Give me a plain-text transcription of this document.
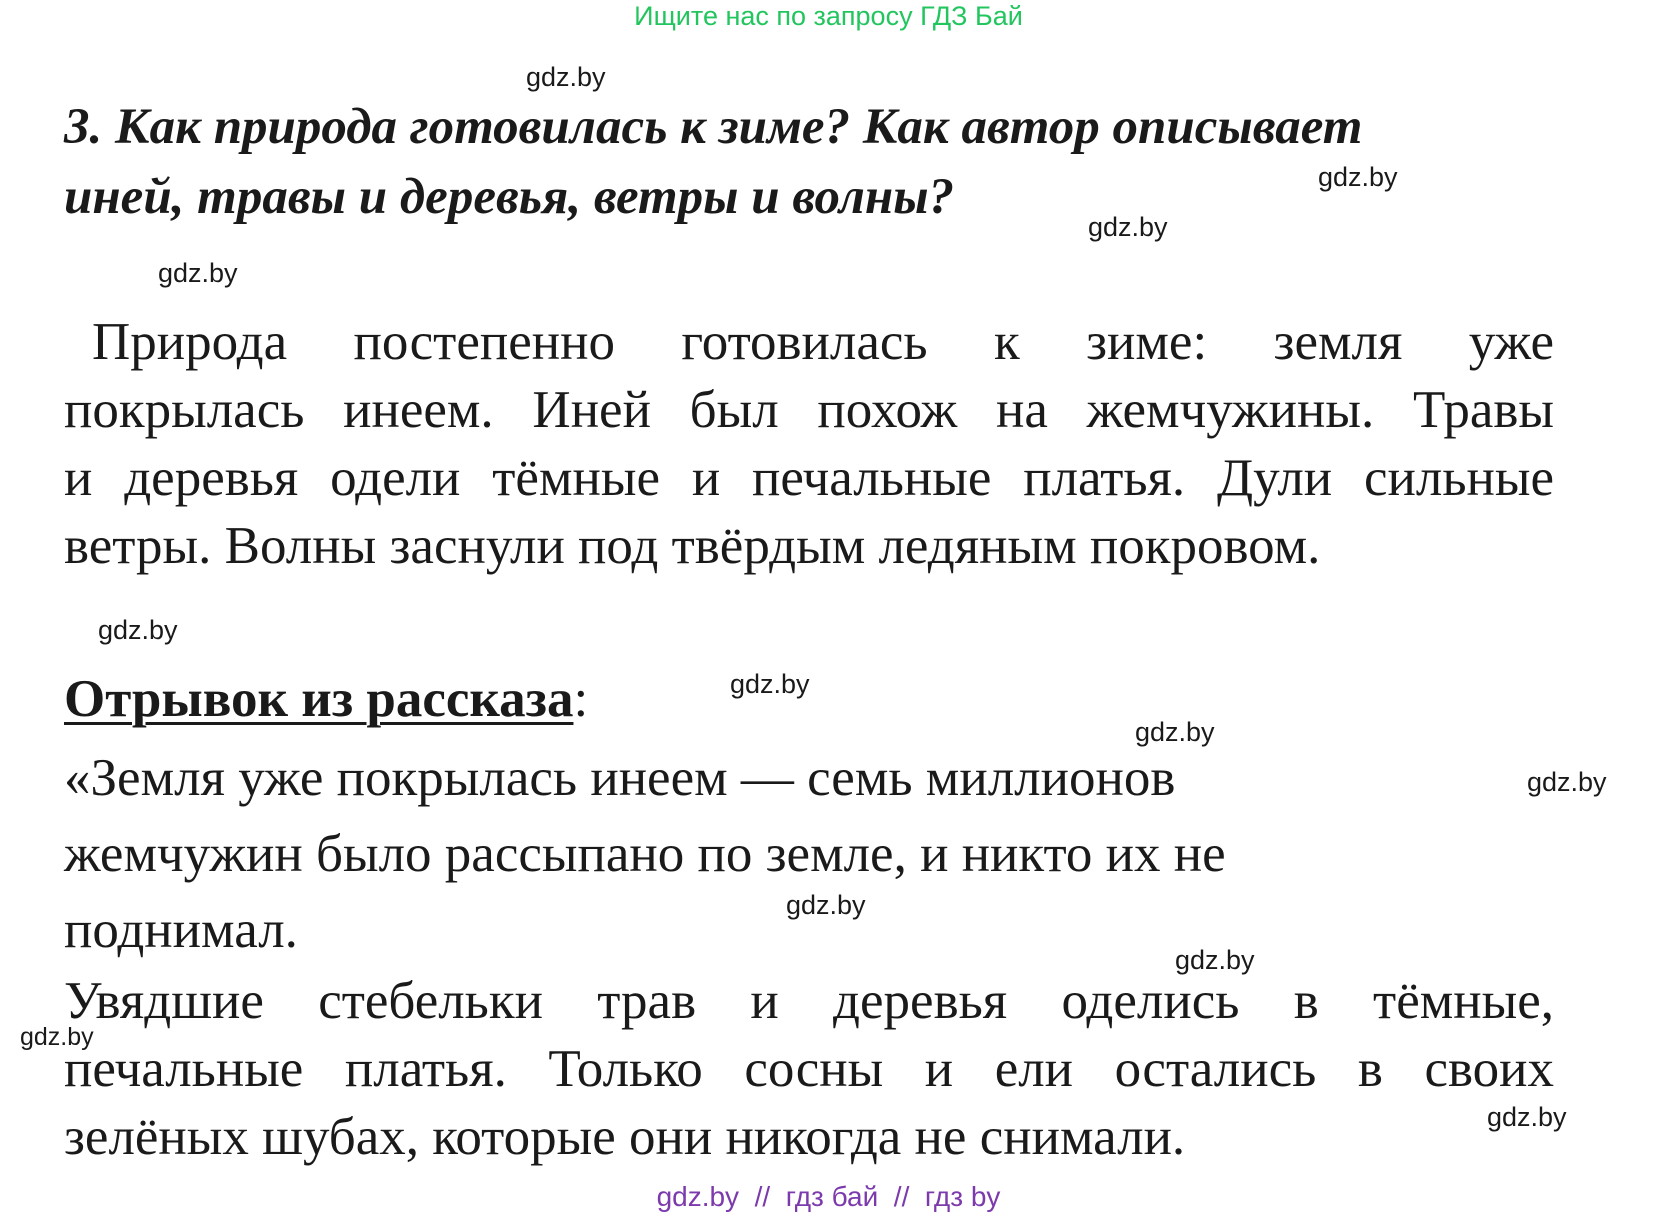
Ищите нас по запросу ГДЗ Бай
gdz.by
gdz.by
gdz.by
gdz.by
gdz.by
gdz.by
gdz.by
gdz.by
gdz.by
gdz.by
gdz.by
gdz.by
3. Как природа готовилась к зиме? Как автор описывает
иней, травы и деревья, ветры и волны?
Природа постепенно готовилась к зиме: земля уже
покрылась инеем. Иней был похож на жемчужины. Травы
и деревья одели тёмные и печальные платья. Дули сильные
ветры. Волны заснули под твёрдым ледяным покровом.
Отрывок из рассказа:
«Земля уже покрылась инеем — семь миллионов
жемчужин было рассыпано по земле, и никто их не
поднимал.
Увядшие стебельки трав и деревья оделись в тёмные,
печальные платья. Только сосны и ели остались в своих
зелёных шубах, которые они никогда не снимали.
gdz.by  //  гдз бай  //  гдз by
